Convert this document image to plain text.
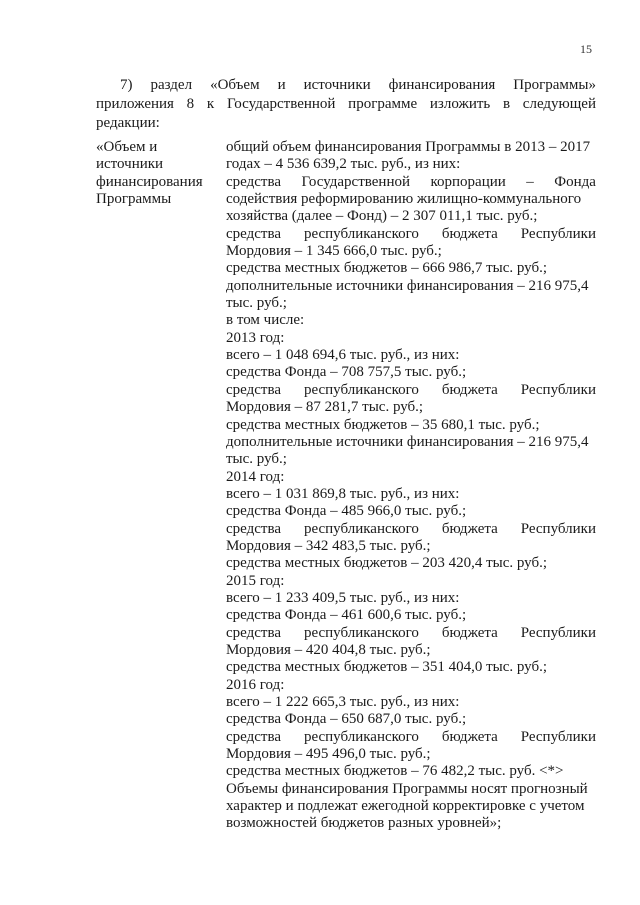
15
7) раздел «Объем и источники финансирования Программы»
приложения 8 к Государственной программе изложить в следующей
редакции:
«Объем и
источники
финансирования
Программы
общий объем финансирования Программы в 2013 – 2017
годах – 4 536 639,2 тыс. руб., из них:
средства Государственной корпорации – Фонда
содействия реформированию жилищно-коммунального
хозяйства (далее – Фонд) – 2 307 011,1 тыс. руб.;
средства республиканского бюджета Республики
Мордовия – 1 345 666,0 тыс. руб.;
средства местных бюджетов – 666 986,7 тыс. руб.;
дополнительные источники финансирования – 216 975,4
тыс. руб.;
в том числе:
2013 год:
всего – 1 048 694,6 тыс. руб., из них:
средства Фонда – 708 757,5 тыс. руб.;
средства республиканского бюджета Республики
Мордовия – 87 281,7 тыс. руб.;
средства местных бюджетов – 35 680,1 тыс. руб.;
дополнительные источники финансирования – 216 975,4
тыс. руб.;
2014 год:
всего – 1 031 869,8 тыс. руб., из них:
средства Фонда – 485 966,0 тыс. руб.;
средства республиканского бюджета Республики
Мордовия – 342 483,5 тыс. руб.;
средства местных бюджетов – 203 420,4 тыс. руб.;
2015 год:
всего – 1 233 409,5 тыс. руб., из них:
средства Фонда – 461 600,6 тыс. руб.;
средства республиканского бюджета Республики
Мордовия – 420 404,8 тыс. руб.;
средства местных бюджетов – 351 404,0 тыс. руб.;
2016 год:
всего – 1 222 665,3 тыс. руб., из них:
средства Фонда – 650 687,0 тыс. руб.;
средства республиканского бюджета Республики
Мордовия – 495 496,0 тыс. руб.;
средства местных бюджетов – 76 482,2 тыс. руб. <*>
Объемы финансирования Программы носят прогнозный
характер и подлежат ежегодной корректировке с учетом
возможностей бюджетов разных уровней»;
